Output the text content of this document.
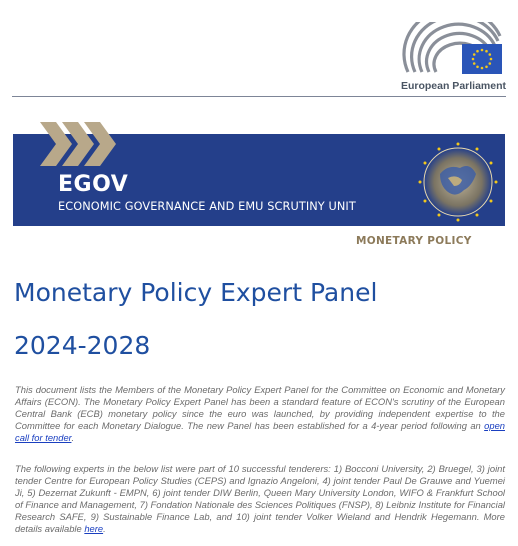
European Parliament
EGOV
ECONOMIC GOVERNANCE AND EMU SCRUTINY UNIT
MONETARY POLICY
Monetary Policy Expert Panel
2024-2028

This document lists the Members of the Monetary Policy Expert Panel for the Committee on Economic and Monetary Affairs (ECON). The Monetary Policy Expert Panel has been a standard feature of ECON's scrutiny of the European Central Bank (ECB) monetary policy since the euro was launched, by providing independent expertise to the Committee for each Monetary Dialogue. The new Panel has been established for a 4-year period following an open call for tender.

The following experts in the below list were part of 10 successful tenderers: 1) Bocconi University, 2) Bruegel, 3) joint tender Centre for European Policy Studies (CEPS) and Ignazio Angeloni, 4) joint tender Paul De Grauwe and Yuemei Ji, 5) Dezernat Zukunft - EMPN, 6) joint tender DIW Berlin, Queen Mary University London, WIFO & Frankfurt School of Finance and Management, 7) Fondation Nationale des Sciences Politiques (FNSP), 8) Leibniz Institute for Financial Research SAFE, 9) Sustainable Finance Lab, and 10) joint tender Volker Wieland and Hendrik Hegemann. More details available here.
